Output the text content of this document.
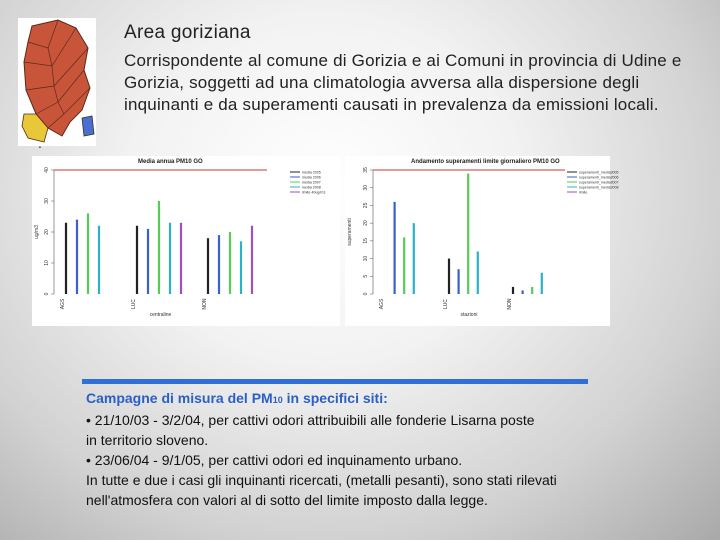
.
Area goriziana
Corrispondente al comune di Gorizia e ai Comuni in provincia di Udine e Gorizia, soggetti ad una climatologia avversa alla dispersione degli inquinanti e da superamenti causati in prevalenza da emissioni locali.
Media annua PM10 GO
0
10
20
30
40
ug/m3
AGS	LUC	NON
centraline
media 2005
media 2006
media 2007
media 2008
limite 40ug/m3
Andamento superamenti limite giornaliero PM10 GO
0
5
10
15
20
25
30
35
superamenti
AGS	LUC	NON
stazioni
superamenti_media2005
superamenti_media2006
superamenti_media2007
superamenti_media2008
limite
Campagne di misura del PM10 in specifici siti:
• 21/10/03 - 3/2/04, per cattivi odori attribuibili alle fonderie Lisarna poste
in territorio sloveno.
• 23/06/04 - 9/1/05, per cattivi odori ed inquinamento urbano.
In tutte e due i casi gli inquinanti ricercati, (metalli pesanti), sono stati rilevati
nell'atmosfera con valori al di sotto del limite imposto dalla legge.
